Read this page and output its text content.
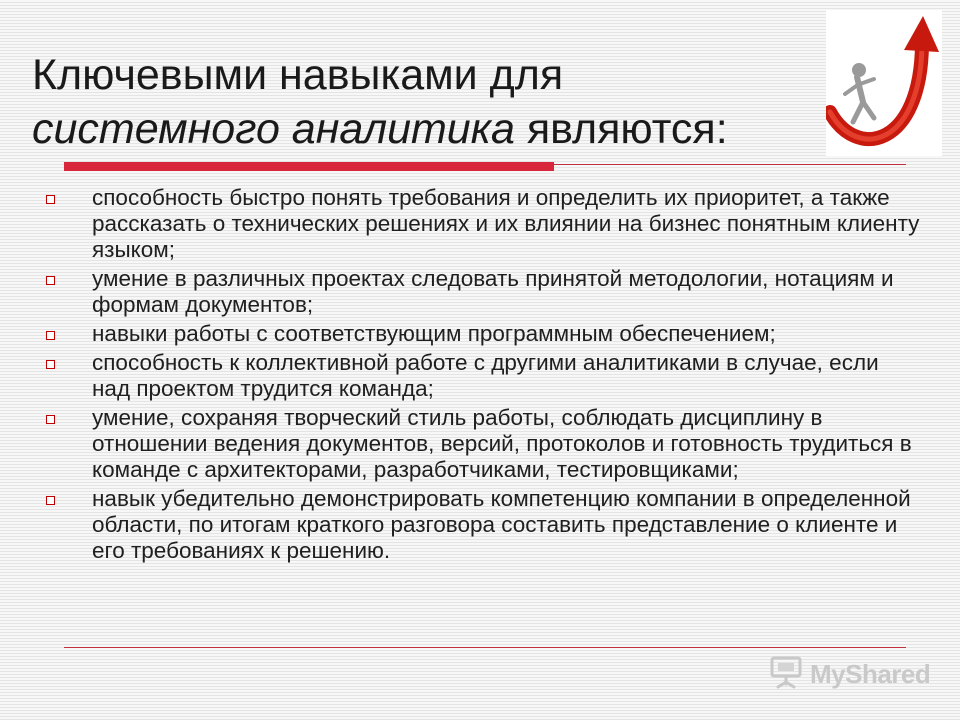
Ключевыми навыками для
системного аналитика являются:
способность быстро понять требования и определить их приоритет, а также рассказать о технических решениях и их влиянии на бизнес понятным клиенту языком;
умение в различных проектах следовать принятой методологии, нотациям и формам документов;
навыки работы с соответствующим программным обеспечением;
способность к коллективной работе с другими аналитиками в случае, если над проектом трудится команда;
умение, сохраняя творческий стиль работы, соблюдать дисциплину в отношении ведения документов, версий, протоколов и готовность трудиться в команде с архитекторами, разработчиками, тестировщиками;
навык убедительно демонстрировать компетенцию компании в определенной области, по итогам краткого разговора составить представление о клиенте и его требованиях к решению.
MyShared
